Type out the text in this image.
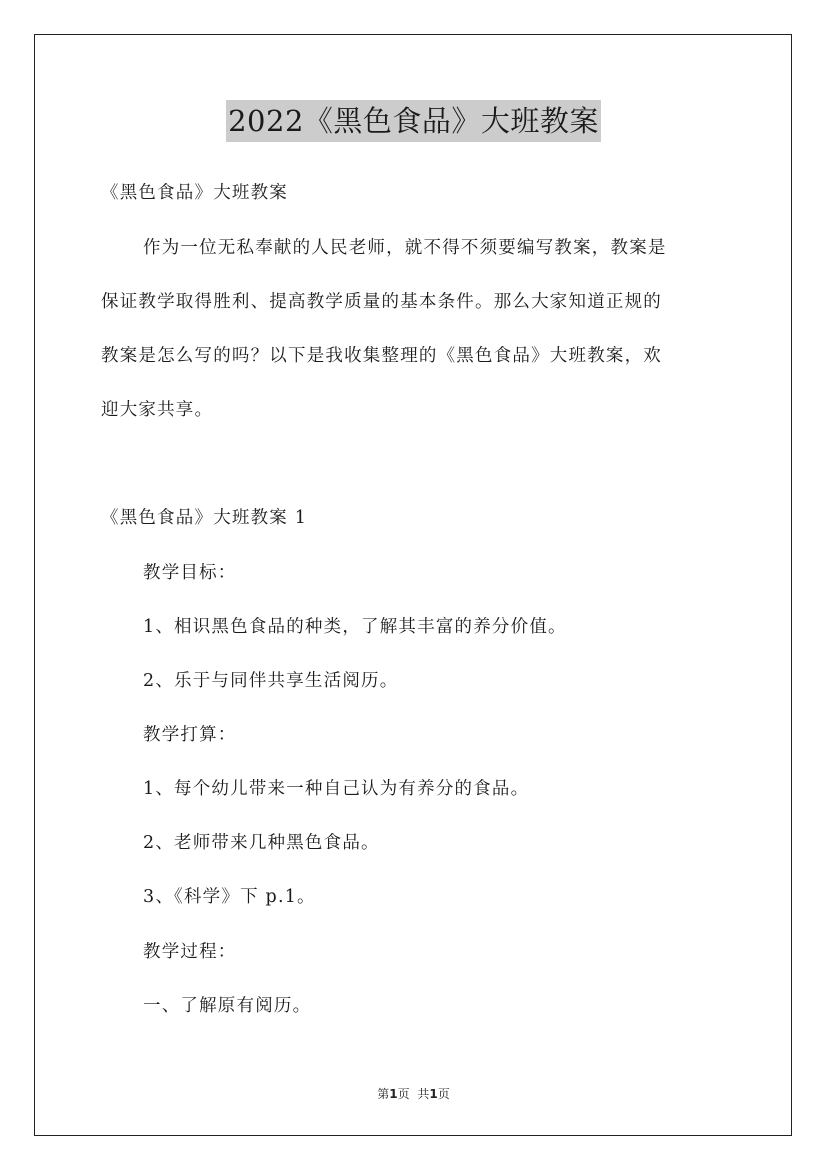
2022《黑色食品》大班教案
《黑色食品》大班教案
作为一位无私奉献的人民老师，就不得不须要编写教案，教案是
保证教学取得胜利、提高教学质量的基本条件。那么大家知道正规的
教案是怎么写的吗？以下是我收集整理的《黑色食品》大班教案，欢
迎大家共享。
《黑色食品》大班教案 1
教学目标：
1、相识黑色食品的种类，了解其丰富的养分价值。
2、乐于与同伴共享生活阅历。
教学打算：
1、每个幼儿带来一种自己认为有养分的食品。
2、老师带来几种黑色食品。
3、《科学》下 p.1。
教学过程：
一、了解原有阅历。
第1页 共1页
